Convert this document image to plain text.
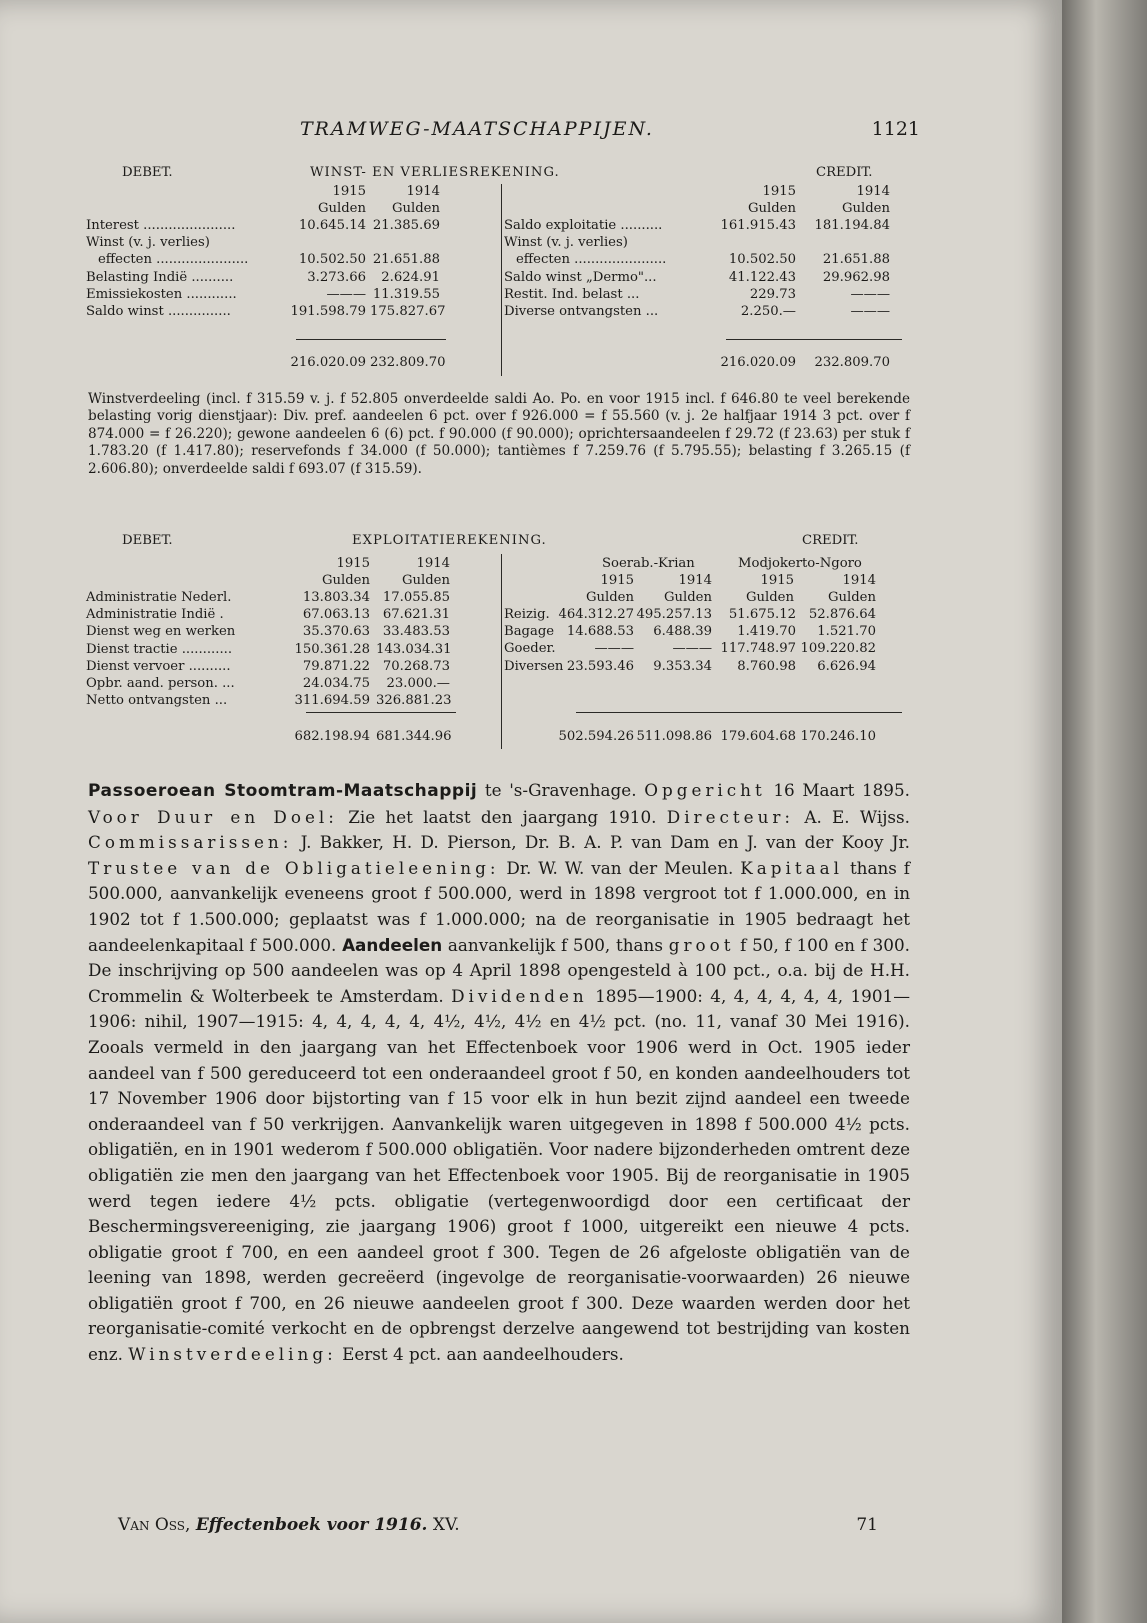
TRAMWEG-MAATSCHAPPIJEN.	1121
DEBET.	WINST- EN VERLIESREKENING.	CREDIT.
1915	1914
Gulden	Gulden
1915	1914
Gulden	Gulden
Interest ......................	10.645.14 21.385.69
Winst (v. j. verlies)
effecten ......................	10.502.50 21.651.88
Belasting Indië ..........	3.273.66	2.624.91
Emissiekosten ............	——— 11.319.55
Saldo winst ...............	191.598.79 175.827.67
216.020.09 232.809.70
Saldo exploitatie ..........	161.915.43	181.194.84
Winst (v. j. verlies)
effecten ......................	10.502.50	21.651.88
Saldo winst „Dermo"...	41.122.43	29.962.98
Restit. Ind. belast ...	229.73	———
Diverse ontvangsten ...	2.250.—	———
216.020.09	232.809.70

Winstverdeeling (incl. f 315.59 v. j. f 52.805 onverdeelde saldi Ao. Po. en voor 1915 incl. f 646.80 te veel berekende belasting vorig dienstjaar): Div. pref. aandeelen 6 pct. over f 926.000 = f 55.560 (v. j. 2e halfjaar 1914 3 pct. over f 874.000 = f 26.220); gewone aandeelen 6 (6) pct. f 90.000 (f 90.000); oprichtersaandeelen f 29.72 (f 23.63) per stuk f 1.783.20 (f 1.417.80); reservefonds f 34.000 (f 50.000); tantièmes f 7.259.76 (f 5.795.55); belasting f 3.265.15 (f 2.606.80); onverdeelde saldi f 693.07 (f 315.59).

DEBET.	EXPLOITATIEREKENING.	CREDIT.
1915	1914
Gulden	Gulden
Soerab.-Krian	Modjokerto-Ngoro
1915	1914	1915	1914
Gulden	Gulden	Gulden	Gulden
Administratie Nederl.	13.803.34 17.055.85
Administratie Indië .	67.063.13 67.621.31
Dienst weg en werken	35.370.63 33.483.53
Dienst tractie ............	150.361.28 143.034.31
Dienst vervoer ..........	79.871.22 70.268.73
Opbr. aand. person. ...	24.034.75	23.000.—
Netto ontvangsten ...	311.694.59 326.881.23
682.198.94 681.344.96
Reizig. 464.312.27 495.257.13	51.675.12 52.876.64
Bagage 14.688.53	6.488.39	1.419.70	1.521.70
Goeder.	———	——— 117.748.97 109.220.82
Diversen 23.593.46	9.353.34	8.760.98	6.626.94
502.594.26 511.098.86 179.604.68 170.246.10

Passoeroean Stoomtram-Maatschappij te 's-Gravenhage. Opgericht 16 Maart 1895. Voor Duur en Doel: Zie het laatst den jaargang 1910. Directeur: A. E. Wijss. Commissarissen: J. Bakker, H. D. Pierson, Dr. B. A. P. van Dam en J. van der Kooy Jr. Trustee van de Obligatieleening: Dr. W. W. van der Meulen. Kapitaal thans f 500.000, aanvankelijk eveneens groot f 500.000, werd in 1898 vergroot tot f 1.000.000, en in 1902 tot f 1.500.000; geplaatst was f 1.000.000; na de reorganisatie in 1905 bedraagt het aandeelenkapitaal f 500.000. Aandeelen aanvankelijk f 500, thans groot f 50, f 100 en f 300. De inschrijving op 500 aandeelen was op 4 April 1898 opengesteld à 100 pct., o.a. bij de H.H. Crommelin & Wolterbeek te Amsterdam. Dividenden 1895—1900: 4, 4, 4, 4, 4, 4, 1901—1906: nihil, 1907—1915: 4, 4, 4, 4, 4, 4½, 4½, 4½ en 4½ pct. (no. 11, vanaf 30 Mei 1916). Zooals vermeld in den jaargang van het Effectenboek voor 1906 werd in Oct. 1905 ieder aandeel van f 500 gereduceerd tot een onderaandeel groot f 50, en konden aandeelhouders tot 17 November 1906 door bijstorting van f 15 voor elk in hun bezit zijnd aandeel een tweede onderaandeel van f 50 verkrijgen. Aanvankelijk waren uitgegeven in 1898 f 500.000 4½ pcts. obligatiën, en in 1901 wederom f 500.000 obligatiën. Voor nadere bijzonderheden omtrent deze obligatiën zie men den jaargang van het Effectenboek voor 1905. Bij de reorganisatie in 1905 werd tegen iedere 4½ pcts. obligatie (vertegenwoordigd door een certificaat der Beschermingsvereeniging, zie jaargang 1906) groot f 1000, uitgereikt een nieuwe 4 pcts. obligatie groot f 700, en een aandeel groot f 300. Tegen de 26 afgeloste obligatiën van de leening van 1898, werden gecreëerd (ingevolge de reorganisatie-voorwaarden) 26 nieuwe obligatiën groot f 700, en 26 nieuwe aandeelen groot f 300. Deze waarden werden door het reorganisatie-comité verkocht en de opbrengst derzelve aangewend tot bestrijding van kosten enz. Winstverdeeling: Eerst 4 pct. aan aandeelhouders.

Van Oss, Effectenboek voor 1916. XV.	71
